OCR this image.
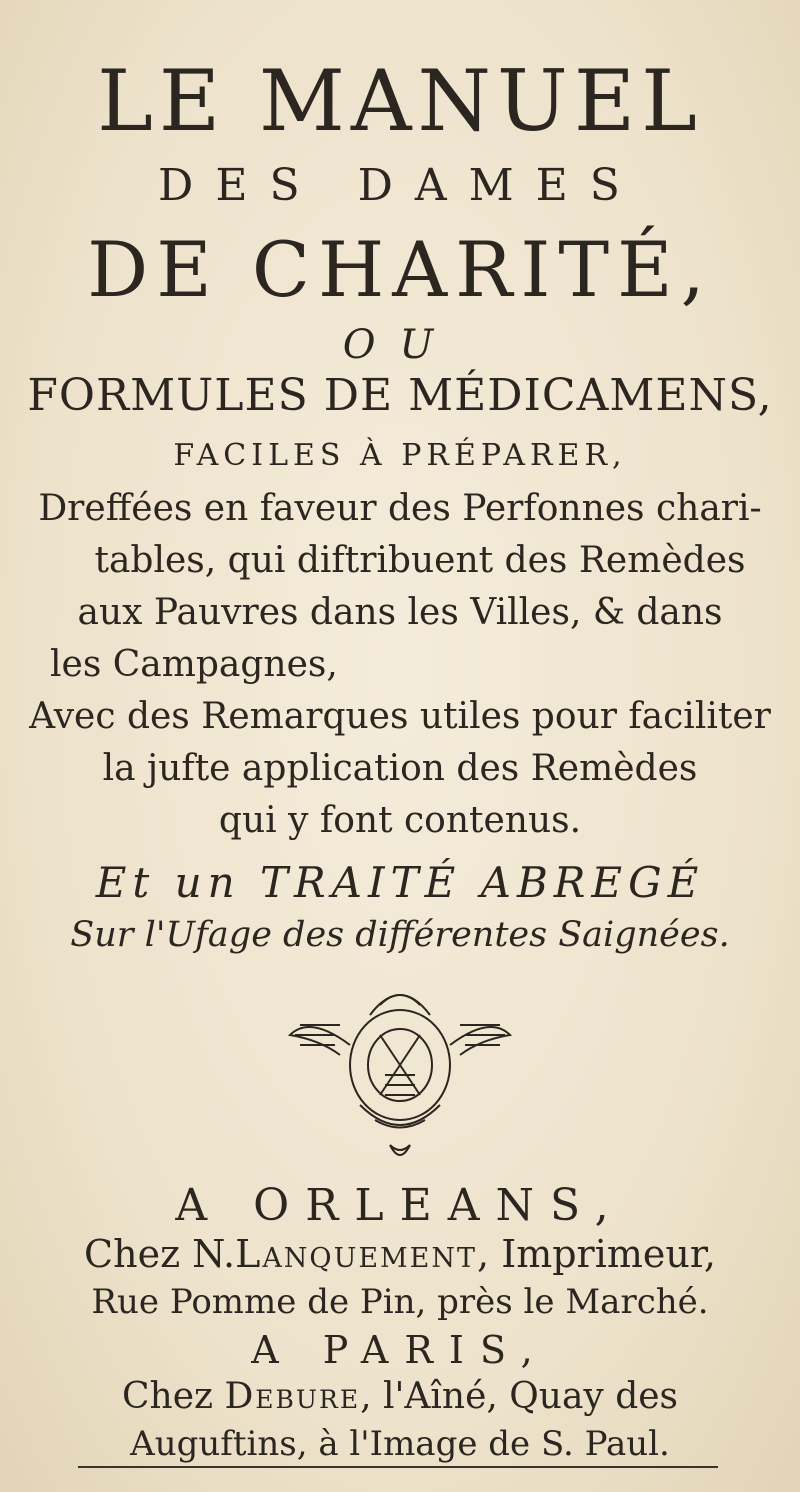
LE MANUEL
DES DAMES
DE CHARITÉ,
OU
FORMULES DE MÉDICAMENS,
FACILES À PRÉPARER,
Dreffées en faveur des Perfonnes chari-
tables, qui diftribuent des Remèdes
aux Pauvres dans les Villes, & dans
les Campagnes,
Avec des Remarques utiles pour faciliter
la jufte application des Remèdes
qui y font contenus.
Et un TRAITÉ ABREGÉ
Sur l'Ufage des différentes Saignées.
A ORLEANS,
Chez N.Lanquement, Imprimeur,
Rue Pomme de Pin, près le Marché.
A PARIS,
Chez Debure, l'Aîné, Quay des
Auguftins, à l'Image de S. Paul.
